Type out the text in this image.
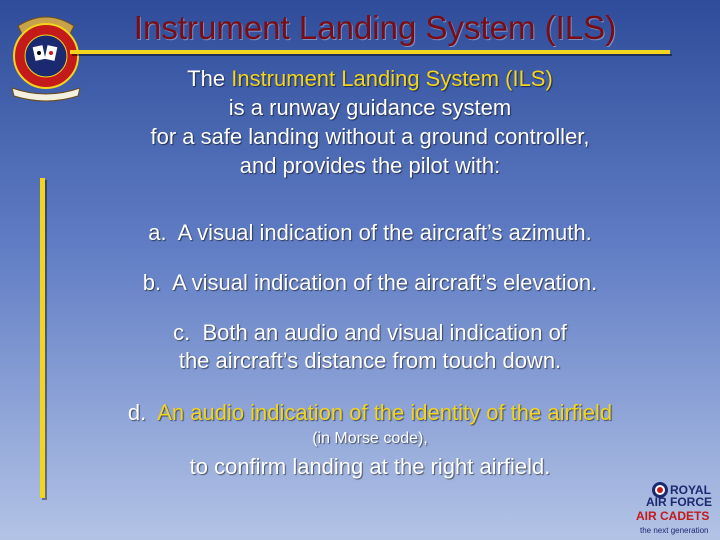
Instrument Landing System (ILS)
The Instrument Landing System (ILS)
is a runway guidance system
for a safe landing without a ground controller,
and provides the pilot with:
a. A visual indication of the aircraft’s azimuth.
b. A visual indication of the aircraft’s elevation.
c. Both an audio and visual indication of
the aircraft’s distance from touch down.
d. An audio indication of the identity of the airfield
(in Morse code),
to confirm landing at the right airfield.
ROYAL
AIR FORCE
AIR CADETS
the next generation
